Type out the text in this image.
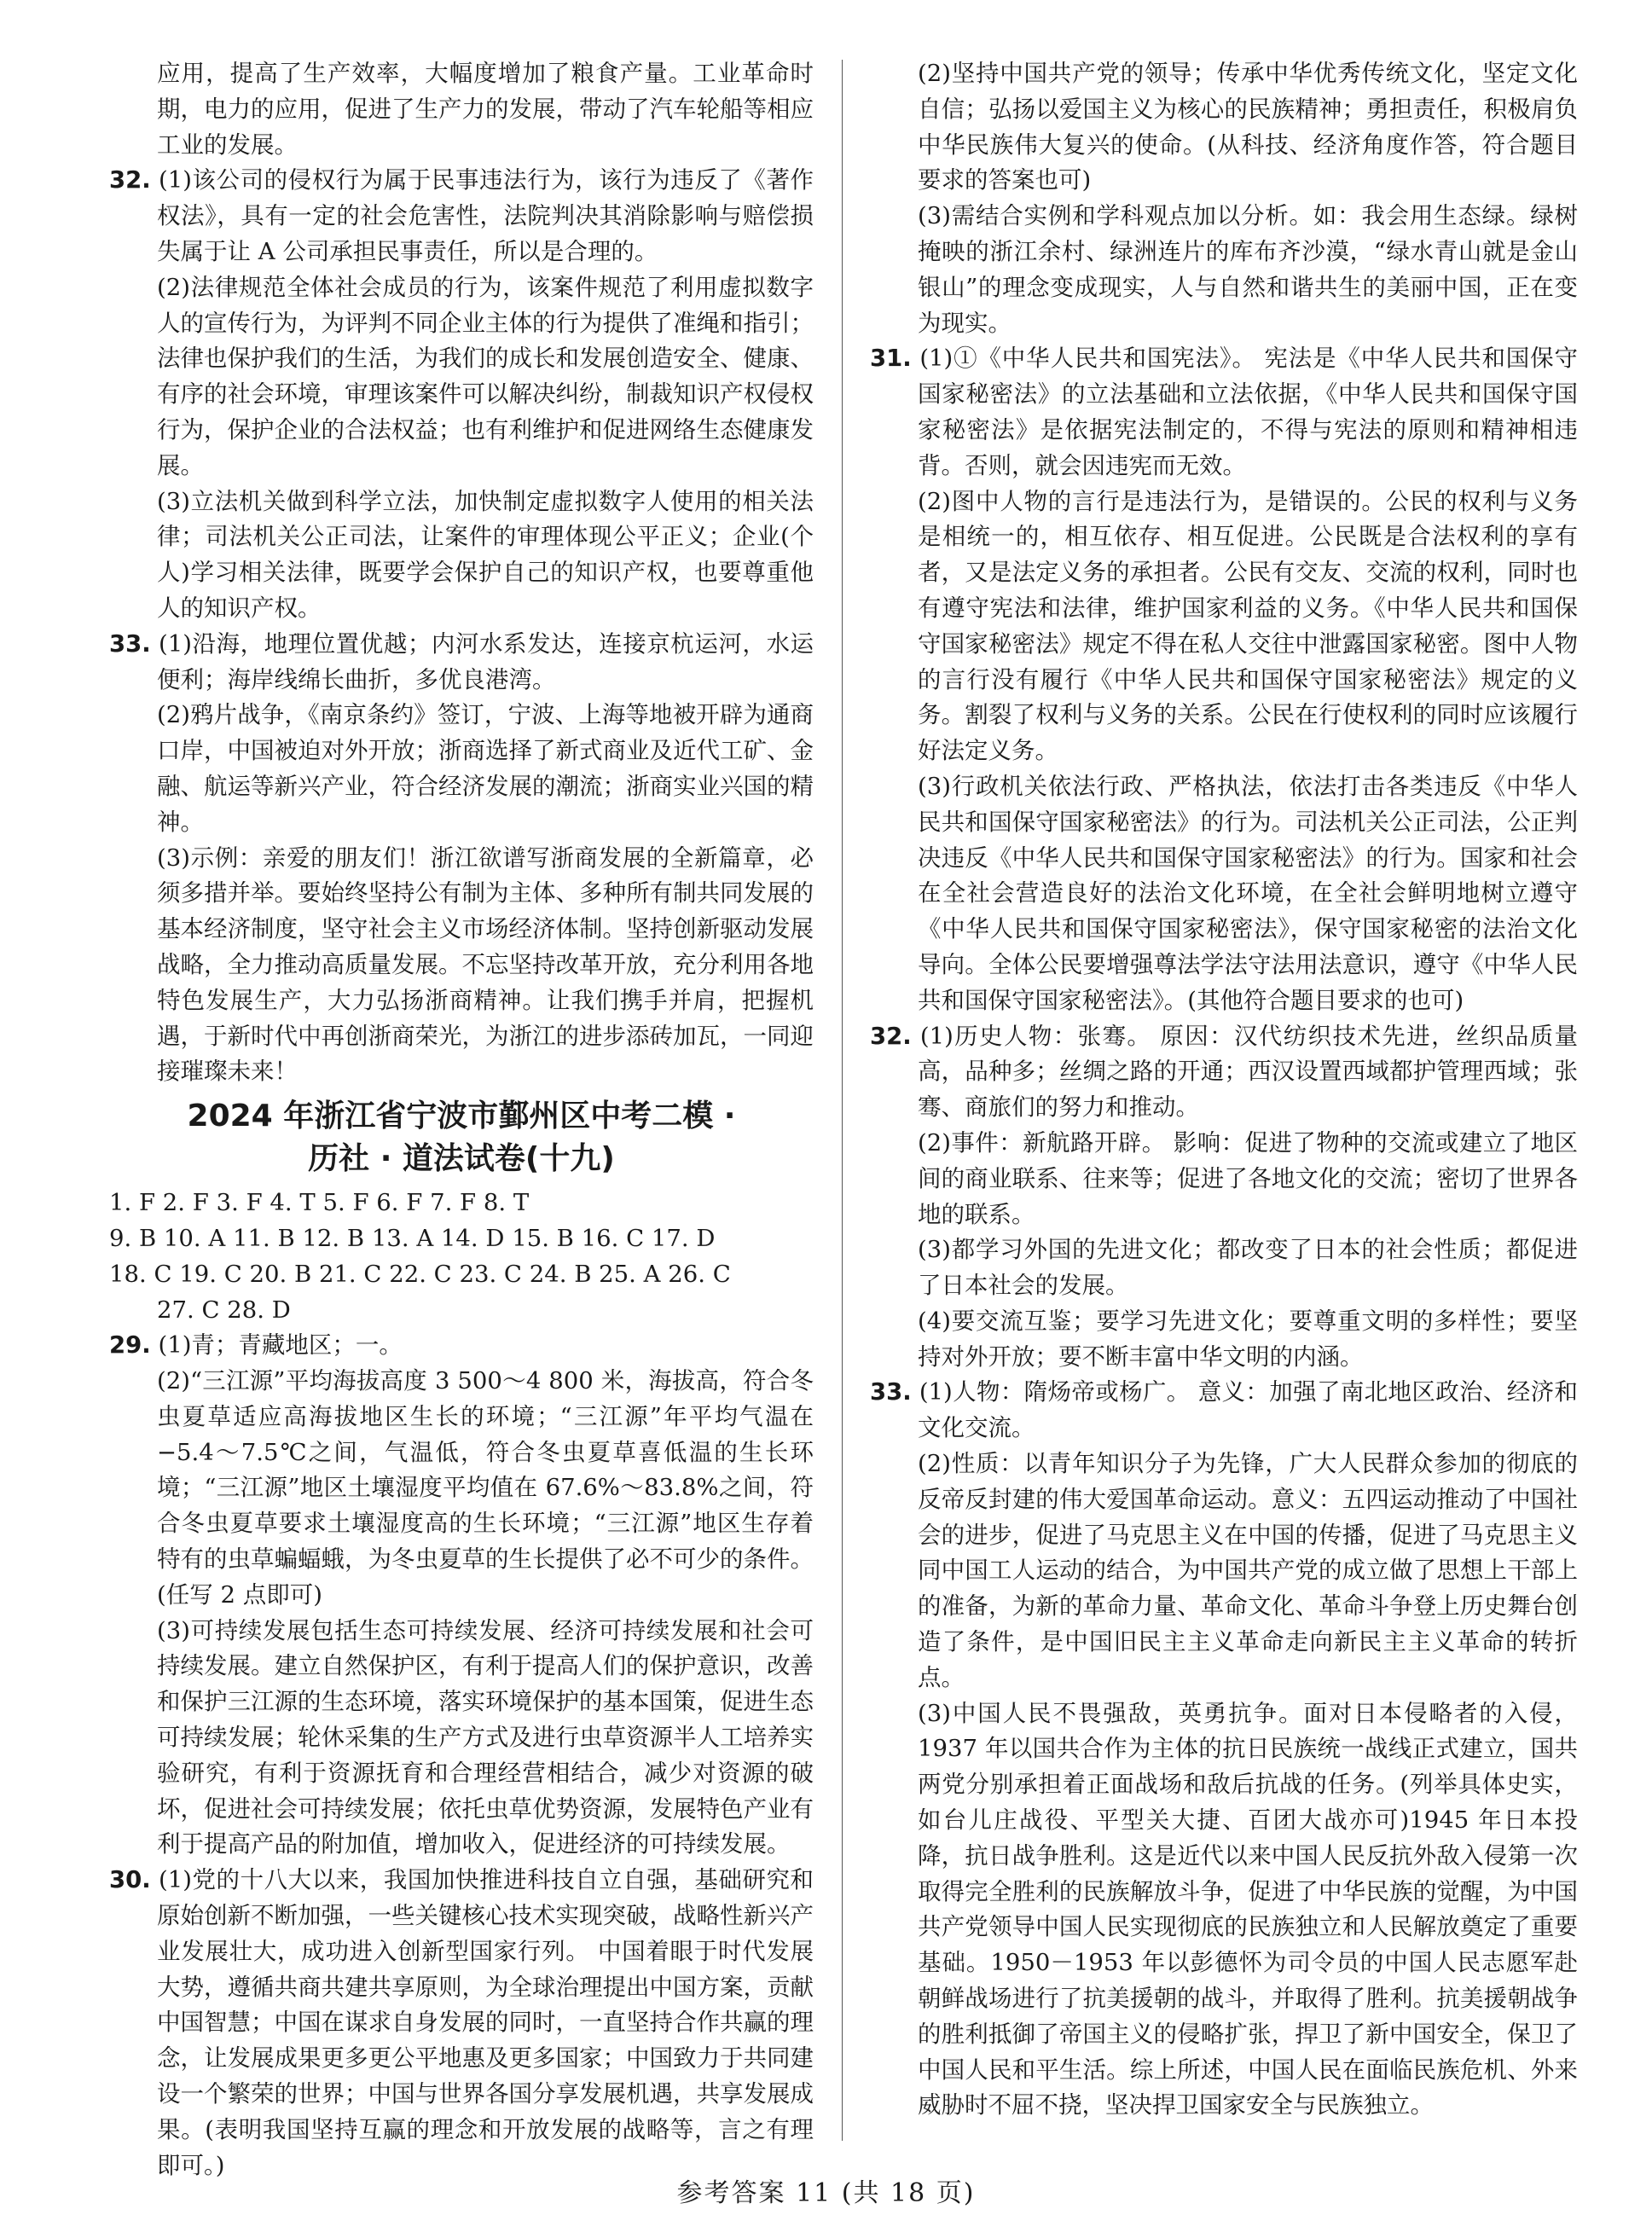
应用，提高了生产效率，大幅度增加了粮食产量。工业革命时期，电力的应用，促进了生产力的发展，带动了汽车轮船等相应工业的发展。

32. (1)该公司的侵权行为属于民事违法行为，该行为违反了《著作权法》，具有一定的社会危害性，法院判决其消除影响与赔偿损失属于让 A 公司承担民事责任，所以是合理的。

(2)法律规范全体社会成员的行为，该案件规范了利用虚拟数字人的宣传行为，为评判不同企业主体的行为提供了准绳和指引；法律也保护我们的生活，为我们的成长和发展创造安全、健康、有序的社会环境，审理该案件可以解决纠纷，制裁知识产权侵权行为，保护企业的合法权益；也有利维护和促进网络生态健康发展。

(3)立法机关做到科学立法，加快制定虚拟数字人使用的相关法律；司法机关公正司法，让案件的审理体现公平正义；企业(个人)学习相关法律，既要学会保护自己的知识产权，也要尊重他人的知识产权。

33. (1)沿海，地理位置优越；内河水系发达，连接京杭运河，水运便利；海岸线绵长曲折，多优良港湾。

(2)鸦片战争，《南京条约》签订，宁波、上海等地被开辟为通商口岸，中国被迫对外开放；浙商选择了新式商业及近代工矿、金融、航运等新兴产业，符合经济发展的潮流；浙商实业兴国的精神。

(3)示例：亲爱的朋友们！浙江欲谱写浙商发展的全新篇章，必须多措并举。要始终坚持公有制为主体、多种所有制共同发展的基本经济制度，坚守社会主义市场经济体制。坚持创新驱动发展战略，全力推动高质量发展。不忘坚持改革开放，充分利用各地特色发展生产，大力弘扬浙商精神。让我们携手并肩，把握机遇，于新时代中再创浙商荣光，为浙江的进步添砖加瓦，一同迎接璀璨未来！

2024 年浙江省宁波市鄞州区中考二模 ·

历社 · 道法试卷(十九)

1. F 2. F 3. F 4. T 5. F 6. F 7. F 8. T

9. B 10. A 11. B 12. B 13. A 14. D 15. B 16. C 17. D

18. C 19. C 20. B 21. C 22. C 23. C 24. B 25. A 26. C

27. C 28. D

29. (1)青；青藏地区；一。

(2)“三江源”平均海拔高度 3 500～4 800 米，海拔高，符合冬虫夏草适应高海拔地区生长的环境；“三江源”年平均气温在 −5.4～7.5℃之间，气温低，符合冬虫夏草喜低温的生长环境；“三江源”地区土壤湿度平均值在 67.6%～83.8%之间，符合冬虫夏草要求土壤湿度高的生长环境；“三江源”地区生存着特有的虫草蝙蝠蛾，为冬虫夏草的生长提供了必不可少的条件。(任写 2 点即可)

(3)可持续发展包括生态可持续发展、经济可持续发展和社会可持续发展。建立自然保护区，有利于提高人们的保护意识，改善和保护三江源的生态环境，落实环境保护的基本国策，促进生态可持续发展；轮休采集的生产方式及进行虫草资源半人工培养实验研究，有利于资源抚育和合理经营相结合，减少对资源的破坏，促进社会可持续发展；依托虫草优势资源，发展特色产业有利于提高产品的附加值，增加收入，促进经济的可持续发展。

30. (1)党的十八大以来，我国加快推进科技自立自强，基础研究和原始创新不断加强，一些关键核心技术实现突破，战略性新兴产业发展壮大，成功进入创新型国家行列。 中国着眼于时代发展大势，遵循共商共建共享原则，为全球治理提出中国方案，贡献中国智慧；中国在谋求自身发展的同时，一直坚持合作共赢的理念，让发展成果更多更公平地惠及更多国家；中国致力于共同建设一个繁荣的世界；中国与世界各国分享发展机遇，共享发展成果。(表明我国坚持互赢的理念和开放发展的战略等，言之有理即可。)

(2)坚持中国共产党的领导；传承中华优秀传统文化，坚定文化自信；弘扬以爱国主义为核心的民族精神；勇担责任，积极肩负中华民族伟大复兴的使命。(从科技、经济角度作答，符合题目要求的答案也可)

(3)需结合实例和学科观点加以分析。如：我会用生态绿。绿树掩映的浙江余村、绿洲连片的库布齐沙漠，“绿水青山就是金山银山”的理念变成现实，人与自然和谐共生的美丽中国，正在变为现实。

31. (1)①《中华人民共和国宪法》。 宪法是《中华人民共和国保守国家秘密法》的立法基础和立法依据，《中华人民共和国保守国家秘密法》是依据宪法制定的，不得与宪法的原则和精神相违背。否则，就会因违宪而无效。

(2)图中人物的言行是违法行为，是错误的。公民的权利与义务是相统一的，相互依存、相互促进。公民既是合法权利的享有者，又是法定义务的承担者。公民有交友、交流的权利，同时也有遵守宪法和法律，维护国家利益的义务。《中华人民共和国保守国家秘密法》规定不得在私人交往中泄露国家秘密。图中人物的言行没有履行《中华人民共和国保守国家秘密法》规定的义务。割裂了权利与义务的关系。公民在行使权利的同时应该履行好法定义务。

(3)行政机关依法行政、严格执法，依法打击各类违反《中华人民共和国保守国家秘密法》的行为。司法机关公正司法，公正判决违反《中华人民共和国保守国家秘密法》的行为。国家和社会在全社会营造良好的法治文化环境，在全社会鲜明地树立遵守《中华人民共和国保守国家秘密法》，保守国家秘密的法治文化导向。全体公民要增强尊法学法守法用法意识，遵守《中华人民共和国保守国家秘密法》。(其他符合题目要求的也可)

32. (1)历史人物：张骞。 原因：汉代纺织技术先进，丝织品质量高，品种多；丝绸之路的开通；西汉设置西域都护管理西域；张骞、商旅们的努力和推动。

(2)事件：新航路开辟。 影响：促进了物种的交流或建立了地区间的商业联系、往来等；促进了各地文化的交流；密切了世界各地的联系。

(3)都学习外国的先进文化；都改变了日本的社会性质；都促进了日本社会的发展。

(4)要交流互鉴；要学习先进文化；要尊重文明的多样性；要坚持对外开放；要不断丰富中华文明的内涵。

33. (1)人物：隋炀帝或杨广。 意义：加强了南北地区政治、经济和文化交流。

(2)性质：以青年知识分子为先锋，广大人民群众参加的彻底的反帝反封建的伟大爱国革命运动。意义：五四运动推动了中国社会的进步，促进了马克思主义在中国的传播，促进了马克思主义同中国工人运动的结合，为中国共产党的成立做了思想上干部上的准备，为新的革命力量、革命文化、革命斗争登上历史舞台创造了条件，是中国旧民主主义革命走向新民主主义革命的转折点。

(3)中国人民不畏强敌，英勇抗争。面对日本侵略者的入侵，1937 年以国共合作为主体的抗日民族统一战线正式建立，国共两党分别承担着正面战场和敌后抗战的任务。(列举具体史实，如台儿庄战役、平型关大捷、百团大战亦可)1945 年日本投降，抗日战争胜利。这是近代以来中国人民反抗外敌入侵第一次取得完全胜利的民族解放斗争，促进了中华民族的觉醒，为中国共产党领导中国人民实现彻底的民族独立和人民解放奠定了重要基础。1950－1953 年以彭德怀为司令员的中国人民志愿军赴朝鲜战场进行了抗美援朝的战斗，并取得了胜利。抗美援朝战争的胜利抵御了帝国主义的侵略扩张，捍卫了新中国安全，保卫了中国人民和平生活。综上所述，中国人民在面临民族危机、外来威胁时不屈不挠，坚决捍卫国家安全与民族独立。

参考答案 11 (共 18 页)
